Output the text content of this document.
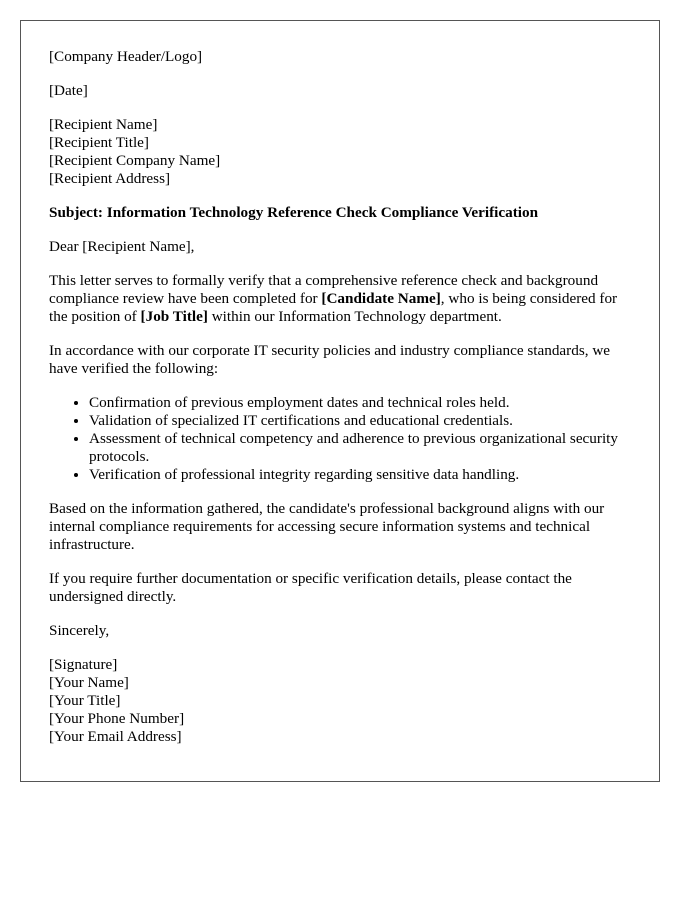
[Company Header/Logo]
[Date]
[Recipient Name]
[Recipient Title]
[Recipient Company Name]
[Recipient Address]
Subject: Information Technology Reference Check Compliance Verification
Dear [Recipient Name],
This letter serves to formally verify that a comprehensive reference check and background compliance review have been completed for [Candidate Name], who is being considered for the position of [Job Title] within our Information Technology department.
In accordance with our corporate IT security policies and industry compliance standards, we have verified the following:
• Confirmation of previous employment dates and technical roles held.
• Validation of specialized IT certifications and educational credentials.
• Assessment of technical competency and adherence to previous organizational security protocols.
• Verification of professional integrity regarding sensitive data handling.
Based on the information gathered, the candidate's professional background aligns with our internal compliance requirements for accessing secure information systems and technical infrastructure.
If you require further documentation or specific verification details, please contact the undersigned directly.
Sincerely,
[Signature]
[Your Name]
[Your Title]
[Your Phone Number]
[Your Email Address]
